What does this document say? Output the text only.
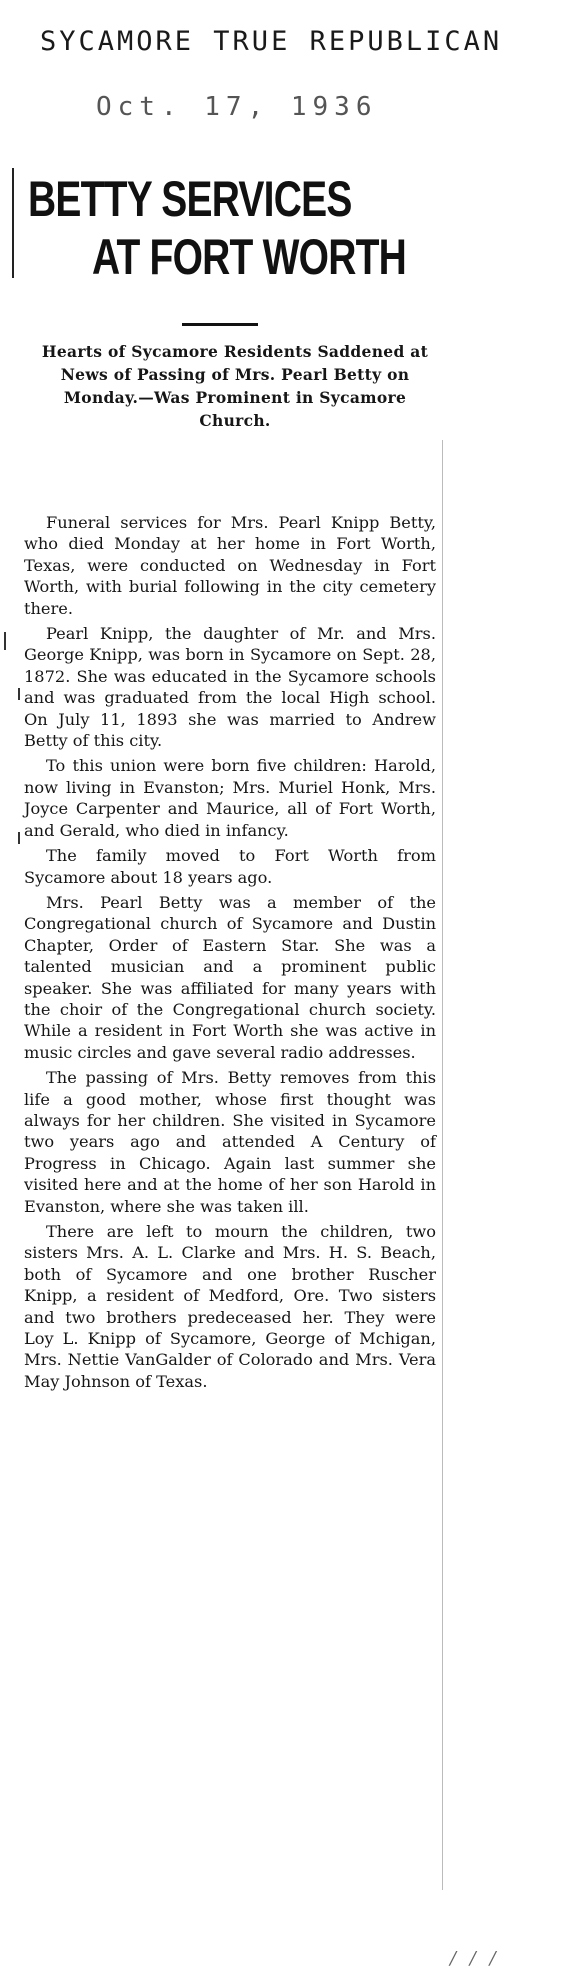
SYCAMORE TRUE REPUBLICAN
Oct. 17, 1936
BETTY SERVICES
AT FORT WORTH
Hearts of Sycamore Residents Saddened at News of Passing of Mrs. Pearl Betty on Monday.—Was Prominent in Sycamore Church.

Funeral services for Mrs. Pearl Knipp Betty, who died Monday at her home in Fort Worth, Texas, were conducted on Wednesday in Fort Worth, with burial following in the city cemetery there.

Pearl Knipp, the daughter of Mr. and Mrs. George Knipp, was born in Sycamore on Sept. 28, 1872. She was educated in the Sycamore schools and was graduated from the local High school. On July 11, 1893 she was married to Andrew Betty of this city.

To this union were born five children: Harold, now living in Evanston; Mrs. Muriel Honk, Mrs. Joyce Carpenter and Maurice, all of Fort Worth, and Gerald, who died in infancy.

The family moved to Fort Worth from Sycamore about 18 years ago.

Mrs. Pearl Betty was a member of the Congregational church of Sycamore and Dustin Chapter, Order of Eastern Star. She was a talented musician and a prominent public speaker. She was affiliated for many years with the choir of the Congregational church society. While a resident in Fort Worth she was active in music circles and gave several radio addresses.

The passing of Mrs. Betty removes from this life a good mother, whose first thought was always for her children. She visited in Sycamore two years ago and attended A Century of Progress in Chicago. Again last summer she visited here and at the home of her son Harold in Evanston, where she was taken ill.

There are left to mourn the children, two sisters Mrs. A. L. Clarke and Mrs. H. S. Beach, both of Sycamore and one brother Ruscher Knipp, a resident of Medford, Ore. Two sisters and two brothers predeceased her. They were Loy L. Knipp of Sycamore, George of Mchigan, Mrs. Nettie VanGalder of Colorado and Mrs. Vera May Johnson of Texas.

/ / /
